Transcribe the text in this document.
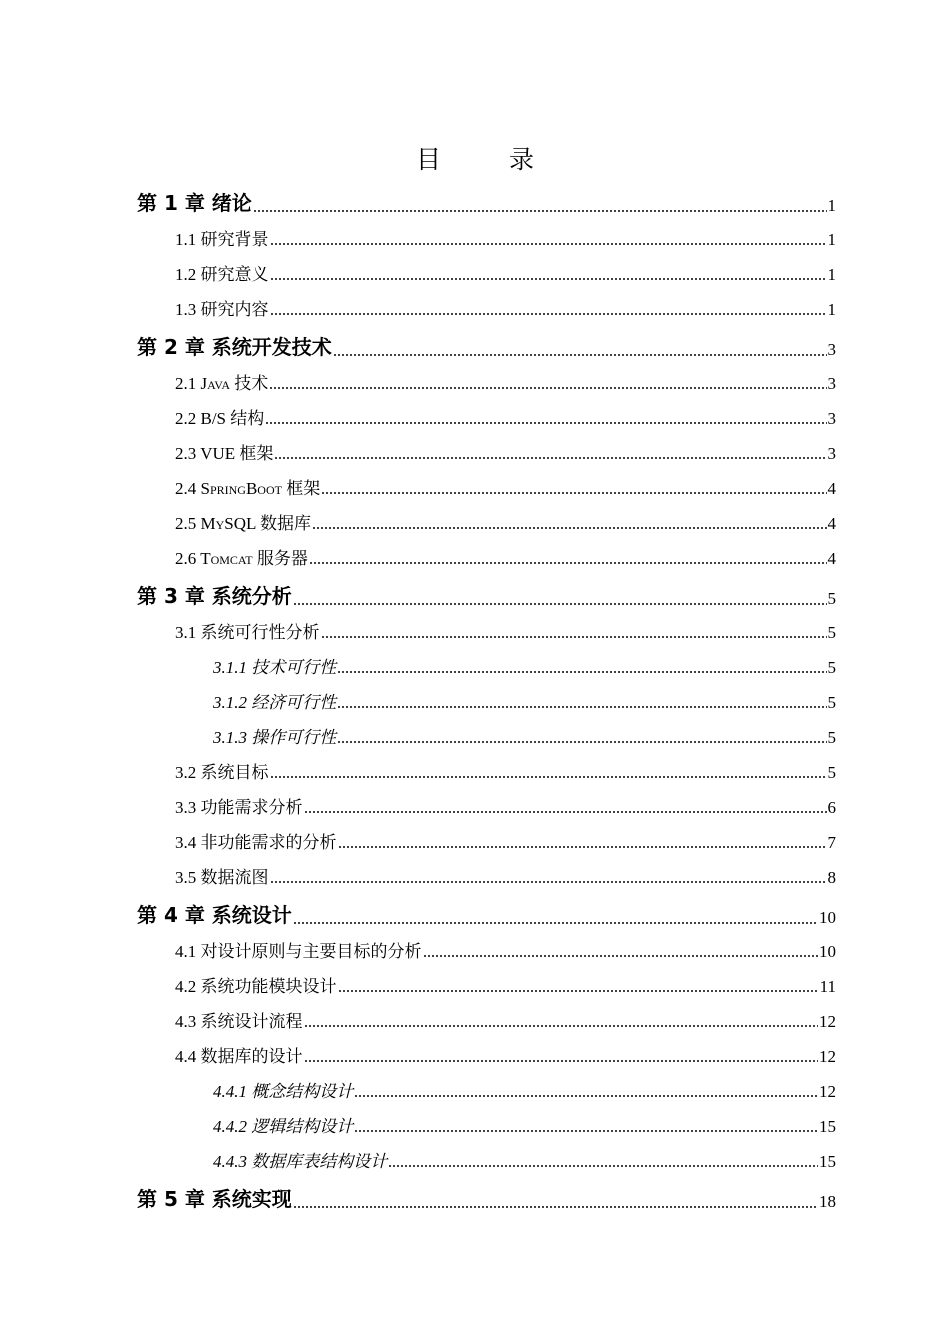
目 录
第 1 章 绪论	1
1.1 研究背景	1
1.2 研究意义	1
1.3 研究内容	1
第 2 章 系统开发技术	3
2.1 Java 技术	3
2.2 B/S 结构	3
2.3 VUE 框架	3
2.4 SpringBoot 框架	4
2.5 MySQL 数据库	4
2.6 Tomcat 服务器	4
第 3 章 系统分析	5
3.1 系统可行性分析	5
3.1.1 技术可行性	5
3.1.2 经济可行性	5
3.1.3 操作可行性	5
3.2 系统目标	5
3.3 功能需求分析	6
3.4 非功能需求的分析	7
3.5 数据流图	8
第 4 章 系统设计	10
4.1 对设计原则与主要目标的分析	10
4.2 系统功能模块设计	11
4.3 系统设计流程	12
4.4 数据库的设计	12
4.4.1 概念结构设计	12
4.4.2 逻辑结构设计	15
4.4.3 数据库表结构设计	15
第 5 章 系统实现	18
